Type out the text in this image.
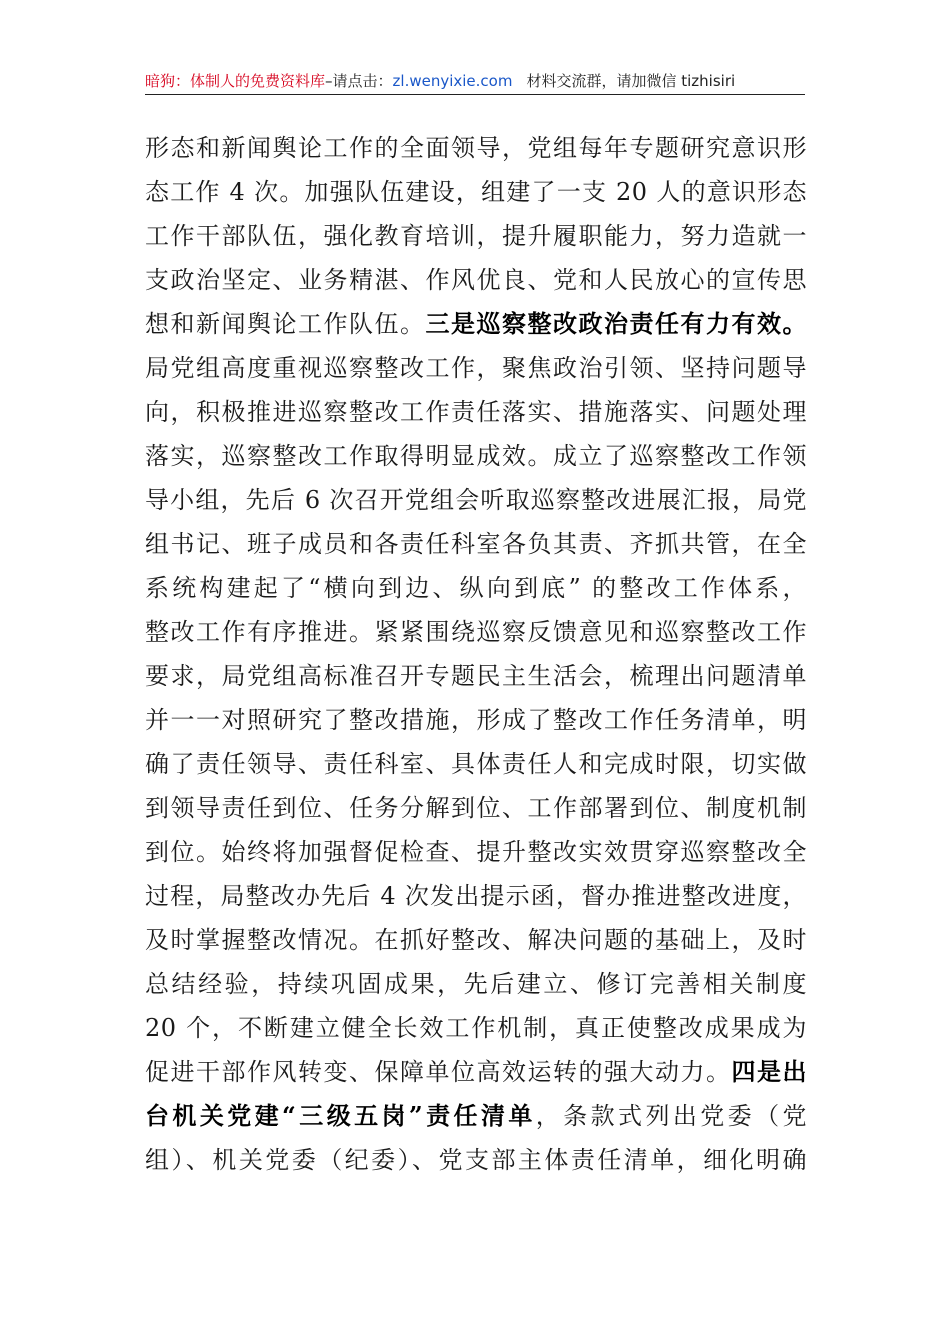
暗狗：体制人的免费资料库–请点击：zl.wenyixie.com 材料交流群，请加微信 tizhisiri
形态和新闻舆论工作的全面领导，党组每年专题研究意识形
态工作 4 次。加强队伍建设，组建了一支 20 人的意识形态
工作干部队伍，强化教育培训，提升履职能力，努力造就一
支政治坚定、业务精湛、作风优良、党和人民放心的宣传思
想和新闻舆论工作队伍。三是巡察整改政治责任有力有效。
局党组高度重视巡察整改工作，聚焦政治引领、坚持问题导
向，积极推进巡察整改工作责任落实、措施落实、问题处理
落实，巡察整改工作取得明显成效。成立了巡察整改工作领
导小组，先后 6 次召开党组会听取巡察整改进展汇报，局党
组书记、班子成员和各责任科室各负其责、齐抓共管，在全
系统构建起了“横向到边、纵向到底” 的整改工作体系，
整改工作有序推进。紧紧围绕巡察反馈意见和巡察整改工作
要求，局党组高标准召开专题民主生活会，梳理出问题清单
并一一对照研究了整改措施，形成了整改工作任务清单，明
确了责任领导、责任科室、具体责任人和完成时限，切实做
到领导责任到位、任务分解到位、工作部署到位、制度机制
到位。始终将加强督促检查、提升整改实效贯穿巡察整改全
过程，局整改办先后 4 次发出提示函，督办推进整改进度，
及时掌握整改情况。在抓好整改、解决问题的基础上，及时
总结经验，持续巩固成果，先后建立、修订完善相关制度
20 个，不断建立健全长效工作机制，真正使整改成果成为
促进干部作风转变、保障单位高效运转的强大动力。四是出
台机关党建“三级五岗”责任清单，条款式列出党委（党
组）、机关党委（纪委）、党支部主体责任清单，细化明确
